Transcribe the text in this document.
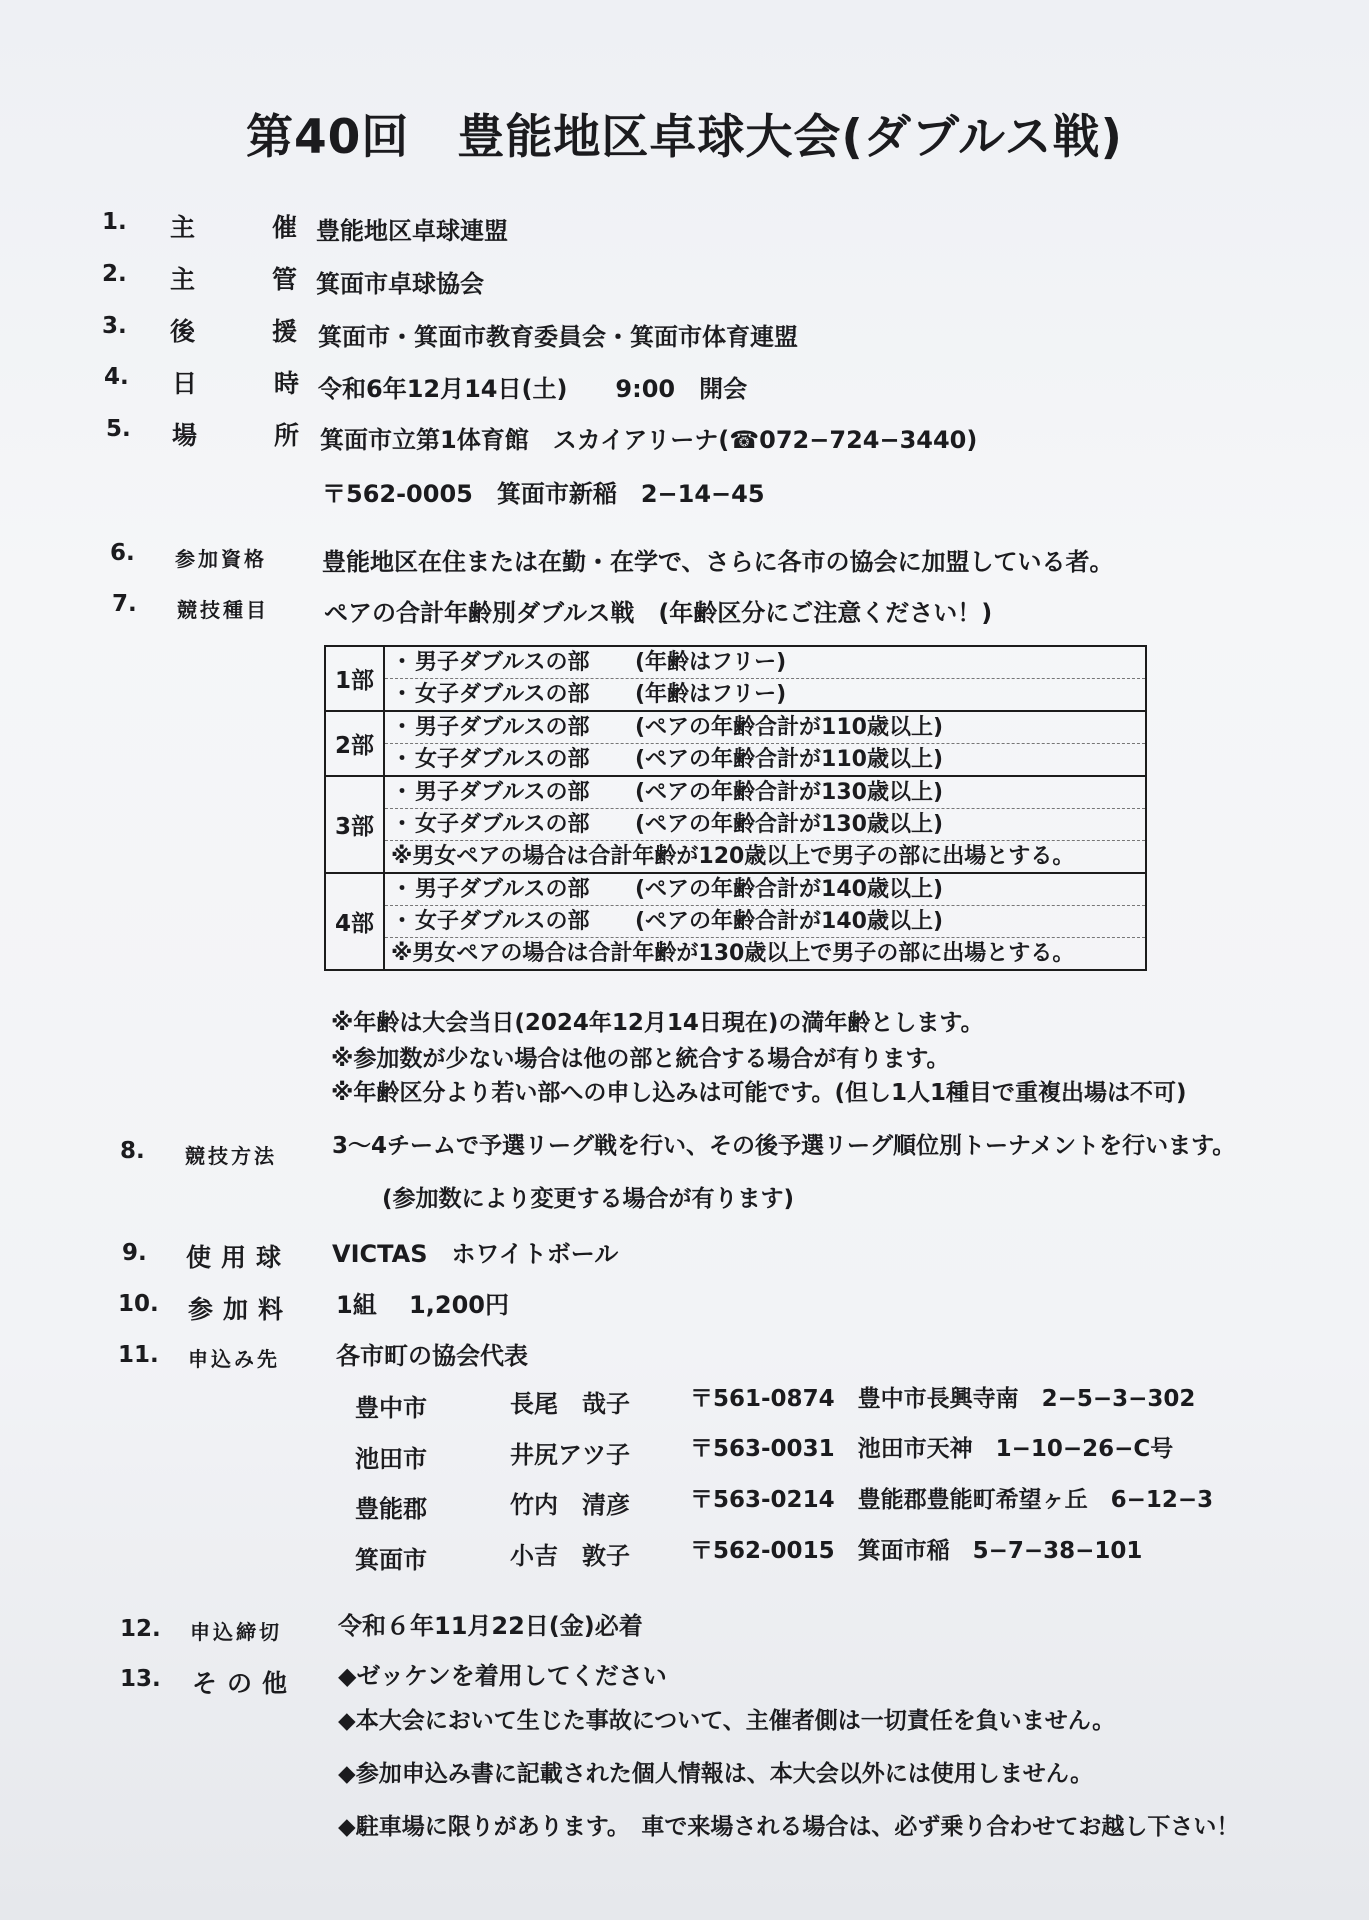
第40回　豊能地区卓球大会(ダブルス戦)
1. 主　催
豊能地区卓球連盟
2. 主　管
箕面市卓球協会
3. 後　援
箕面市・箕面市教育委員会・箕面市体育連盟
4. 日　時
令和6年12月14日(土)　　9:00　開会
5. 場　所
箕面市立第1体育館　スカイアリーナ(☎072−724−3440)
〒562-0005　箕面市新稲　2−14−45
6. 参加資格 豊能地区在住または在勤・在学で、さらに各市の協会に加盟している者。
7. 競技種目 ペアの合計年齢別ダブルス戦　(年齢区分にご注意ください！)
1部	・男子ダブルスの部 (年齢はフリー)
・女子ダブルスの部 (年齢はフリー)

2部	・男子ダブルスの部 (ペアの年齢合計が110歳以上)
・女子ダブルスの部 (ペアの年齢合計が110歳以上)

3部	・男子ダブルスの部 (ペアの年齢合計が130歳以上)
・女子ダブルスの部 (ペアの年齢合計が130歳以上)
※男女ペアの場合は合計年齢が120歳以上で男子の部に出場とする。

4部	・男子ダブルスの部 (ペアの年齢合計が140歳以上)
・女子ダブルスの部 (ペアの年齢合計が140歳以上)
※男女ペアの場合は合計年齢が130歳以上で男子の部に出場とする。
※年齢は大会当日(2024年12月14日現在)の満年齢とします。
※参加数が少ない場合は他の部と統合する場合が有ります。
※年齢区分より若い部への申し込みは可能です。(但し1人1種目で重複出場は不可)
8. 競技方法 3〜4チームで予選リーグ戦を行い、その後予選リーグ順位別トーナメントを行います。
(参加数により変更する場合が有ります)
9. 使用球 VICTAS　ホワイトボール
10. 参加料 1組　 1,200円
11. 申込み先 各市町の協会代表
豊中市	長尾　哉子	〒561-0874　豊中市長興寺南　2−5−3−302
池田市	井尻アツ子	〒563-0031　池田市天神　1−10−26−C号
豊能郡	竹内　清彦	〒563-0214　豊能郡豊能町希望ヶ丘　6−12−3
箕面市	小吉　敦子	〒562-0015　箕面市稲　5−7−38−101
12. 申込締切 令和６年11月22日(金)必着
13. その他 ◆ゼッケンを着用してください
◆本大会において生じた事故について、主催者側は一切責任を負いません。
◆参加申込み書に記載された個人情報は、本大会以外には使用しません。
◆駐車場に限りがあります。　車で来場される場合は、必ず乗り合わせてお越し下さい！
